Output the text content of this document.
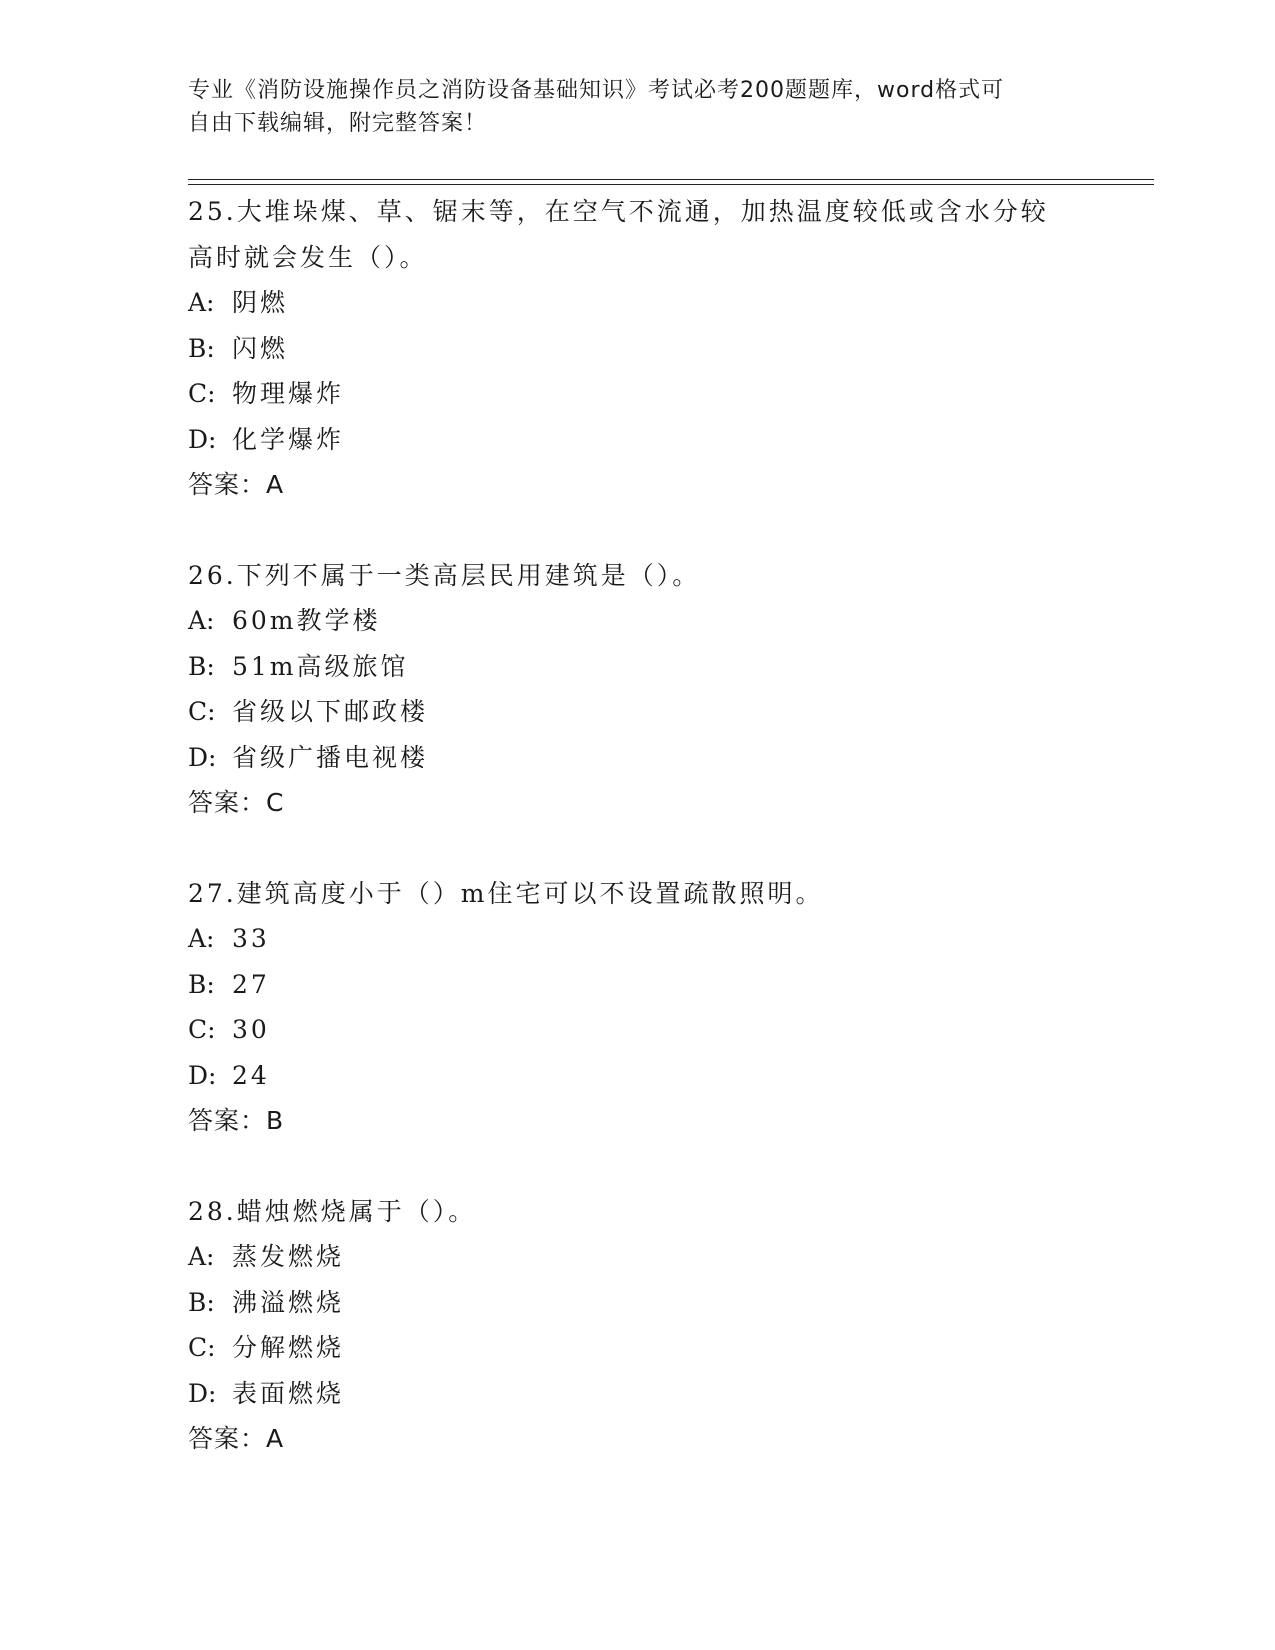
专业《消防设施操作员之消防设备基础知识》考试必考200题题库，word格式可
自由下载编辑，附完整答案！
25.大堆垛煤、草、锯末等，在空气不流通，加热温度较低或含水分较
高时就会发生（）。
A: 阴燃
B: 闪燃
C: 物理爆炸
D: 化学爆炸
答案：A
26.下列不属于一类高层民用建筑是（）。
A: 60m教学楼
B: 51m高级旅馆
C: 省级以下邮政楼
D: 省级广播电视楼
答案：C
27.建筑高度小于（）m住宅可以不设置疏散照明。
A: 33
B: 27
C: 30
D: 24
答案：B
28.蜡烛燃烧属于（）。
A: 蒸发燃烧
B: 沸溢燃烧
C: 分解燃烧
D: 表面燃烧
答案：A
